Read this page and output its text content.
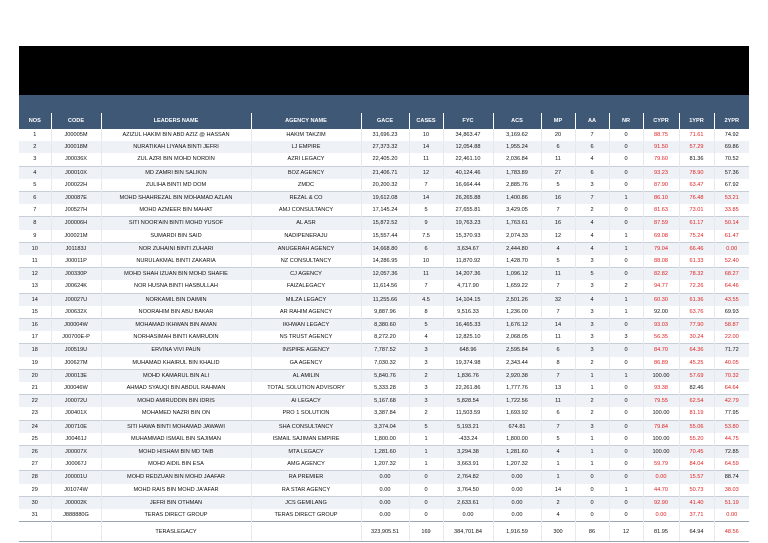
NOS	CODE	LEADERS NAME	AGENCY NAME	GACE	CASES	FYC	ACS	MP	AA	NR	CYPR	1YPR	2YPR
1	J00005M	AZIZUL HAKIM BIN ABD AZIZ @ HASSAN	HAKIM TAKZIM	31,696.23	10	34,863.47	3,169.62	20	7	0	88.75	71.61	74.92
2	J00018M	NURATIKAH LIYANA BINTI JEFRI	LJ EMPIRE	27,373.32	14	12,054.88	1,955.24	6	6	0	91.50	57.29	69.86
3	J00036X	ZUL AZRI BIN MOHD NORDIN	AZRI LEGACY	22,405.20	11	22,461.10	2,036.84	11	4	0	79.60	81.36	70.52
4	J00010X	MD ZAMRI BIN SALIKIN	BOZ AGENCY	21,406.71	12	40,124.46	1,783.89	27	6	0	93.23	78.90	57.36
5	J00022H	ZULIHA BINTI MD DOM	ZMDC	20,200.32	7	16,664.44	2,885.76	5	3	0	87.90	63.47	67.92
6	J00087E	MOHD SHAHREZAL BIN MOHAMAD AZLAN	REZAL & CO	19,612.08	14	26,265.88	1,400.86	16	7	1	86.10	76.48	53.21
7	J00527H	MOHD AZMEER BIN MAHAT	AMJ CONSULTANCY	17,145.24	5	27,655.81	3,429.05	7	2	0	81.63	73.01	33.85
8	J00006H	SITI NOOR'AIN BINTI MOHD YUSOF	AL ASR	15,872.52	9	19,763.23	1,763.61	16	4	0	87.59	61.17	50.14
9	J00021M	SUMARDI BIN SAID	NADIPENERAJU	15,557.44	7.5	15,370.93	2,074.33	12	4	1	69.08	75.24	61.47
10	J01183J	NOR ZUHAINI BINTI ZUHARI	ANUGERAH AGENCY	14,668.80	6	3,634.67	2,444.80	4	4	1	79.04	66.46	0.00
11	J00011P	NURULAKMAL BINTI ZAKARIA	NZ CONSULTANCY	14,286.95	10	11,870.92	1,428.70	5	3	0	88.08	61.33	52.40
12	J00330P	MOHD SHAH IZUAN BIN MOHD SHAFIE	CJ AGENCY	12,057.36	11	14,207.36	1,096.12	11	5	0	82.82	78.32	68.27
13	J00624K	NOR HUSNA BINTI HASBULLAH	FAIZALEGACY	11,614.56	7	4,717.90	1,659.22	7	3	2	94.77	72.26	64.46
14	J00027U	NORKAMIL BIN DAIMIN	MILZA LEGACY	11,255.66	4.5	14,104.15	2,501.26	32	4	1	60.30	61.36	43.55
15	J00632X	NOORAHIM BIN ABU BAKAR	AR RAHIM AGENCY	9,887.96	8	9,516.33	1,236.00	7	3	1	92.00	63.76	69.93
16	J00004W	MOHAMAD IKHWAN BIN AMAN	IKHWAN LEGACY	8,380.60	5	16,465.33	1,676.12	14	3	0	93.03	77.90	58.87
17	J00700E-P	NORHASIMAH BINTI KAMRUDIN	NS TRUST AGENCY	8,272.20	4	12,825.10	2,068.05	11	3	3	56.35	30.24	22.00
18	J00519U	ERVINA VIVI PAUN	INSPIRE AGENCY	7,787.52	3	648.96	2,595.84	6	3	0	84.70	64.36	71.72
19	J00627M	MUHAMAD KHAIRUL BIN KHALID	GA AGENCY	7,030.32	3	19,374.98	2,343.44	8	2	0	86.89	45.25	40.05
20	J00013E	MOHD KAMARUL BIN ALI	AL AMILIN	5,840.76	2	1,836.76	2,920.38	7	1	1	100.00	57.69	70.32
21	J00046W	AHMAD SYAUQI BIN ABDUL RAHMAN	TOTAL SOLUTION ADVISORY	5,333.28	3	22,261.86	1,777.76	13	1	0	93.38	82.46	64.64
22	J00072U	MOHD AMIRUDDIN BIN IDRIS	AI LEGACY	5,167.68	3	5,828.54	1,722.56	11	2	0	79.55	62.54	42.79
23	J00401X	MOHAMED NAZRI BIN ON	PRO 1 SOLUTION	3,387.84	2	11,503.59	1,693.92	6	2	0	100.00	81.19	77.95
24	J00710E	SITI HAWA BINTI MOHAMAD JAWAWI	SHA CONSULTANCY	3,374.04	5	5,193.21	674.81	7	3	0	79.84	55.06	53.80
25	J00461J	MUHAMMAD ISMAIL BIN SAJIMAN	ISMAIL SAJIMAN EMPIRE	1,800.00	1	-433.24	1,800.00	5	1	0	100.00	55.20	44.75
26	J00007X	MOHD HISHAM BIN MD TAIB	MTA LEGACY	1,281.60	1	3,294.38	1,281.60	4	1	0	100.00	70.45	72.85
27	J00067J	MOHD AIDIL BIN ESA	AMG AGENCY	1,207.32	1	3,663.91	1,207.32	1	1	0	59.79	84.04	64.59
28	J00001U	MOHD REDZUAN BIN MOHD JAAFAR	RA PREMIER	0.00	0	2,764.82	0.00	1	0	0	0.00	15.57	88.74
29	J01074W	MOHD RAIS BIN MOHD JA'AFAR	RA STAR AGENCY	0.00	0	3,764.50	0.00	14	0	1	44.70	50.73	38.03
30	J00002K	JEFRI BIN OTHMAN	JCS GEMILANG	0.00	0	2,633.61	0.00	2	0	0	92.90	41.40	51.19
31	J888880G	TERAS DIRECT GROUP	TERAS DIRECT GROUP	0.00	0	0.00	0.00	4	0	0	0.00	37.71	0.00
		TERASLEGACY		323,905.51	169	384,701.84	1,916.59	300	86	12	81.95	64.94	48.56
